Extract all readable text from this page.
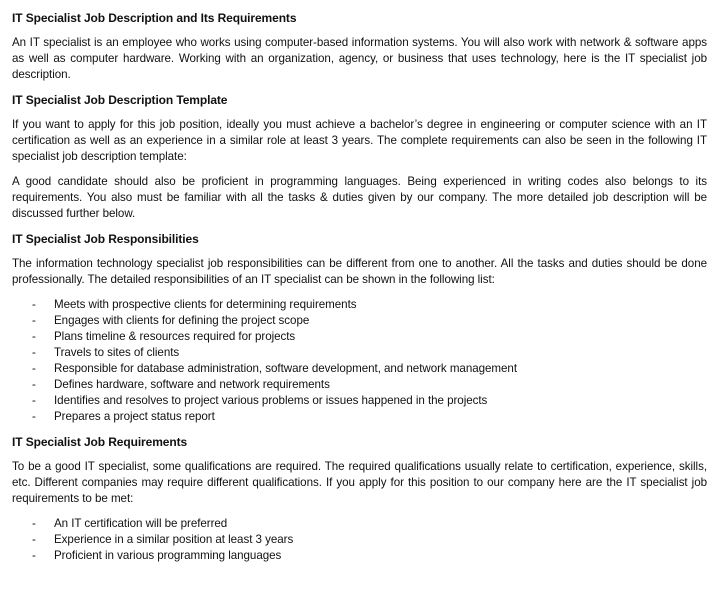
IT Specialist Job Description and Its Requirements

An IT specialist is an employee who works using computer-based information systems. You will also work with network & software apps as well as computer hardware. Working with an organization, agency, or business that uses technology, here is the IT specialist job description.

IT Specialist Job Description Template

If you want to apply for this job position, ideally you must achieve a bachelor’s degree in engineering or computer science with an IT certification as well as an experience in a similar role at least 3 years. The complete requirements can also be seen in the following IT specialist job description template:

A good candidate should also be proficient in programming languages. Being experienced in writing codes also belongs to its requirements. You also must be familiar with all the tasks & duties given by our company. The more detailed job description will be discussed further below.

IT Specialist Job Responsibilities

The information technology specialist job responsibilities can be different from one to another. All the tasks and duties should be done professionally. The detailed responsibilities of an IT specialist can be shown in the following list:

- Meets with prospective clients for determining requirements
- Engages with clients for defining the project scope
- Plans timeline & resources required for projects
- Travels to sites of clients
- Responsible for database administration, software development, and network management
- Defines hardware, software and network requirements
- Identifies and resolves to project various problems or issues happened in the projects
- Prepares a project status report
IT Specialist Job Requirements

To be a good IT specialist, some qualifications are required. The required qualifications usually relate to certification, experience, skills, etc. Different companies may require different qualifications. If you apply for this position to our company here are the IT specialist job requirements to be met:

- An IT certification will be preferred
- Experience in a similar position at least 3 years
- Proficient in various programming languages
